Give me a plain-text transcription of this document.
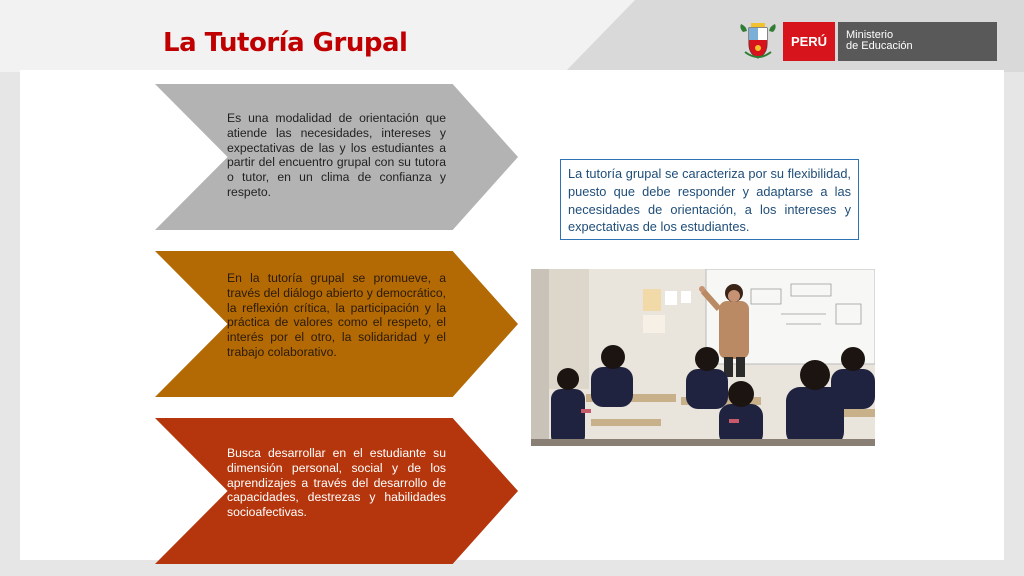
La Tutoría Grupal	PERÚ	Ministerio
de Educación
Es una modalidad de orientación que atiende las necesidades, intereses y expectativas de las y los estudiantes a partir del encuentro grupal con su tutora o tutor, en un clima de confianza y respeto.
En la tutoría grupal se promueve, a través del diálogo abierto y democrático, la reflexión crítica, la participación y la práctica de valores como el respeto, el interés por el otro, la solidaridad y el trabajo colaborativo.
Busca desarrollar en el estudiante su dimensión personal, social y de los aprendizajes a través del desarrollo de capacidades, destrezas y habilidades socioafectivas.
La tutoría grupal se caracteriza por su flexibilidad, puesto que debe responder y adaptarse a las necesidades de orientación, a los intereses y expectativas de los estudiantes.
